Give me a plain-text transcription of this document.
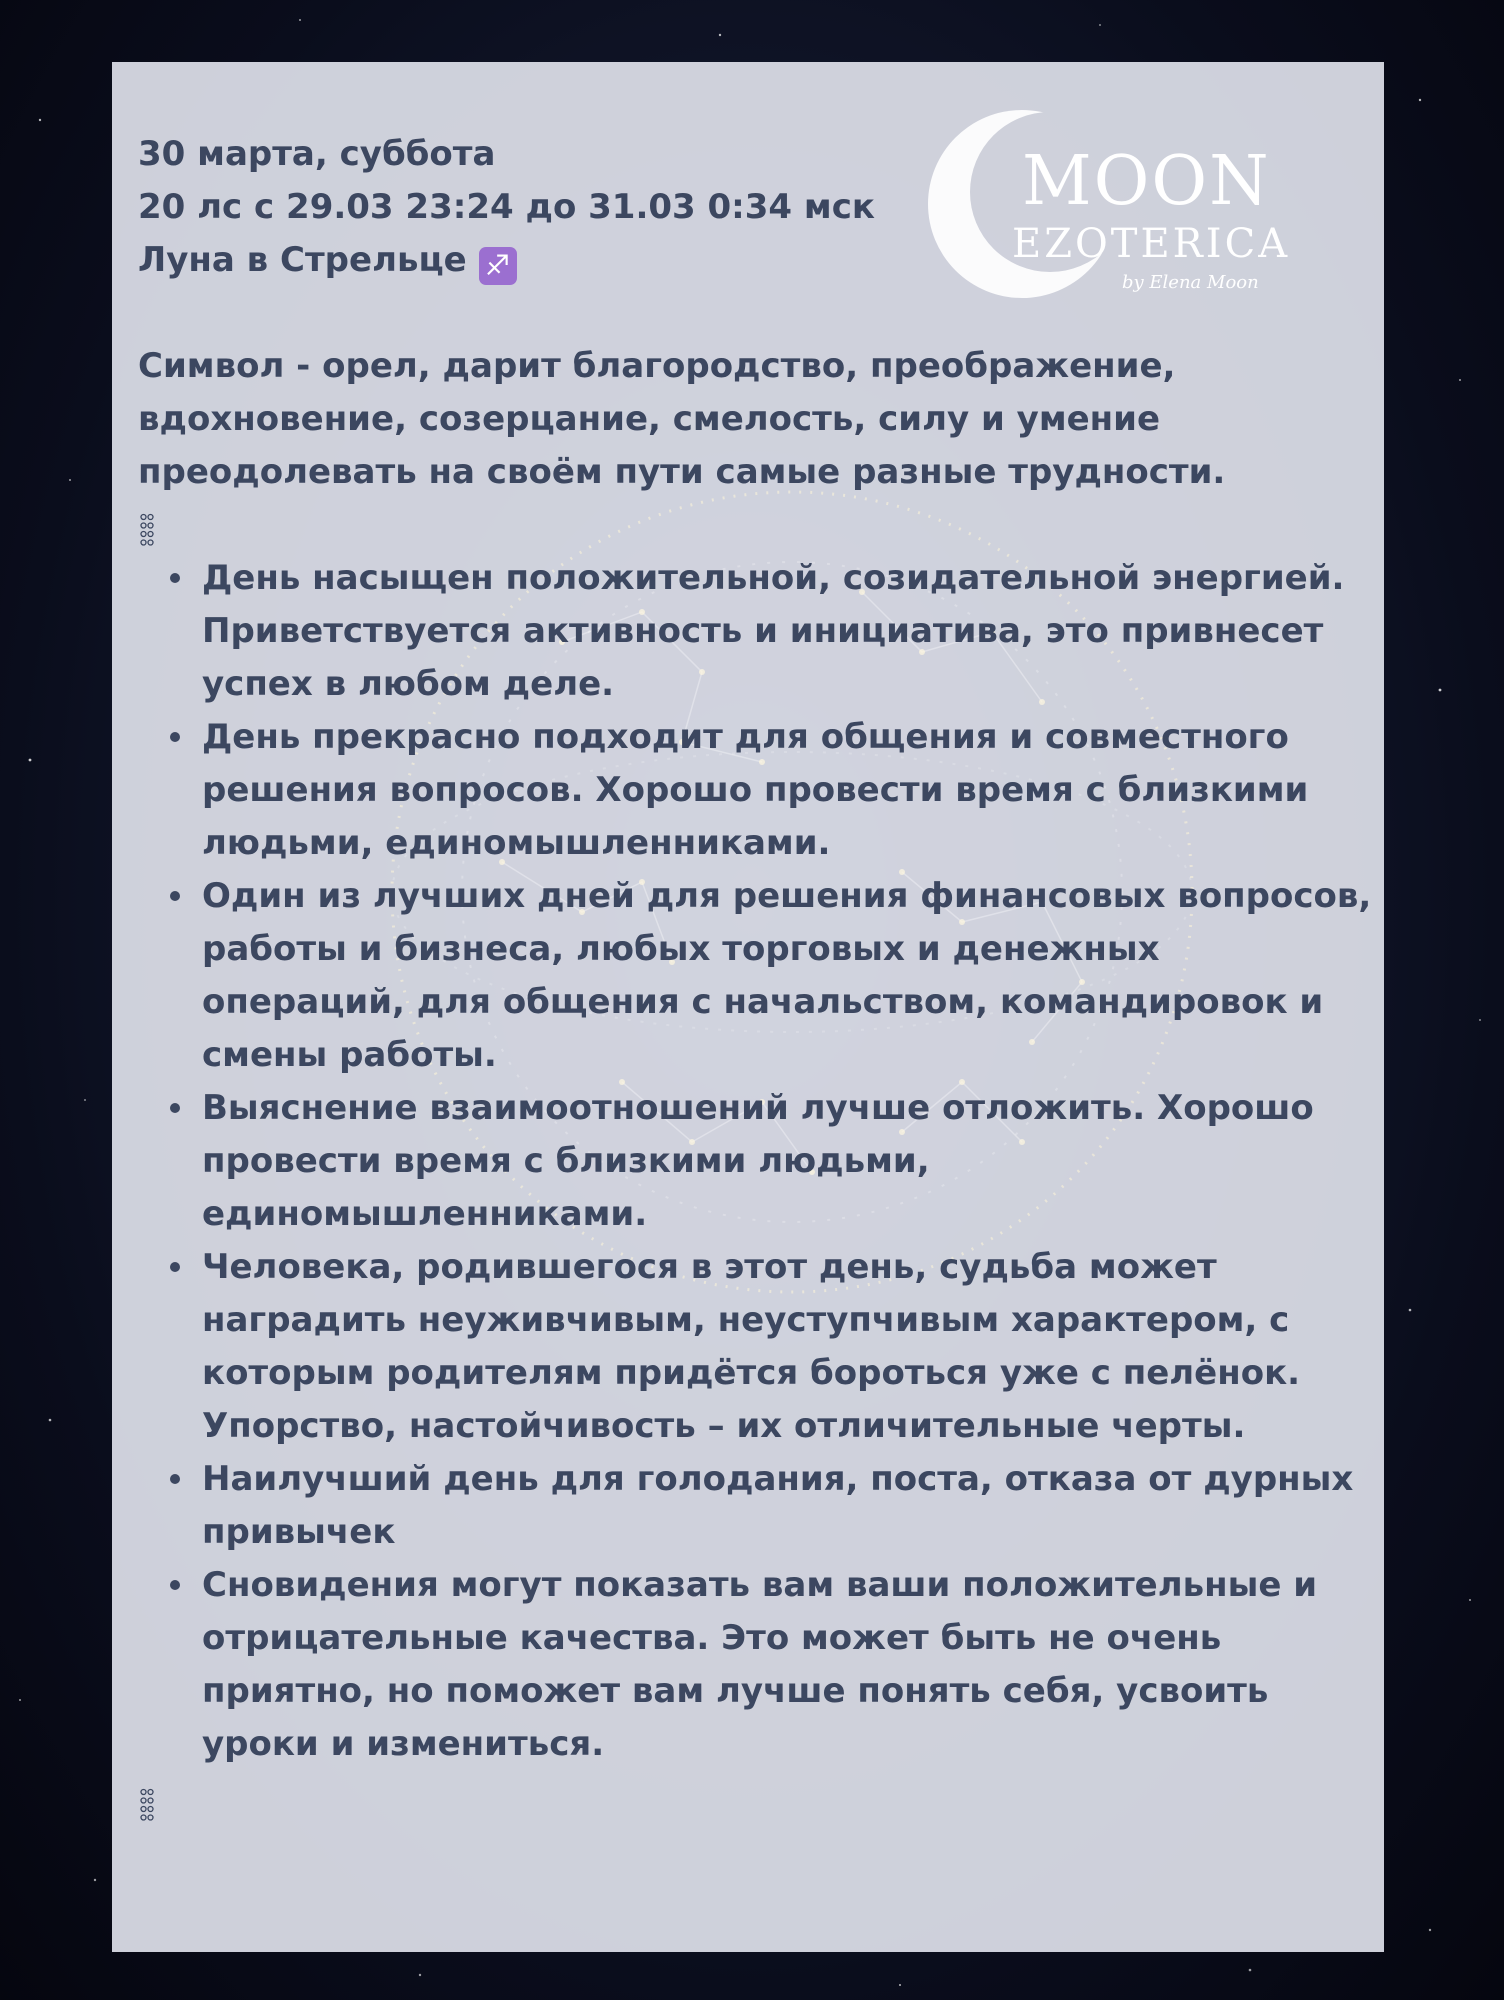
MOON
EZOTERICA
by Elena Moon
30 марта, суббота
20 лс с 29.03 23:24 до 31.03 0:34 мск
Луна в Стрельце ♐
Символ - орел, дарит благородство, преображение, вдохновение, созерцание, смелость, силу и умение преодолевать на своём пути самые разные трудности.
День насыщен положительной, созидательной энергией. Приветствуется активность и инициатива, это привнесет успех в любом деле.
День прекрасно подходит для общения и совместного решения вопросов. Хорошо провести время с близкими людьми, единомышленниками.
Один из лучших дней для решения финансовых вопросов, работы и бизнеса, любых торговых и денежных операций, для общения с начальством, командировок и смены работы.
Выяснение взаимоотношений лучше отложить. Хорошо провести время с близкими людьми, единомышленниками.
Человека, родившегося в этот день, судьба может наградить неуживчивым, неуступчивым характером, с которым родителям придётся бороться уже с пелёнок. Упорство, настойчивость – их отличительные черты.
Наилучший день для голодания, поста, отказа от дурных привычек
Сновидения могут показать вам ваши положительные и отрицательные качества. Это может быть не очень приятно, но поможет вам лучше понять себя, усвоить уроки и измениться.
